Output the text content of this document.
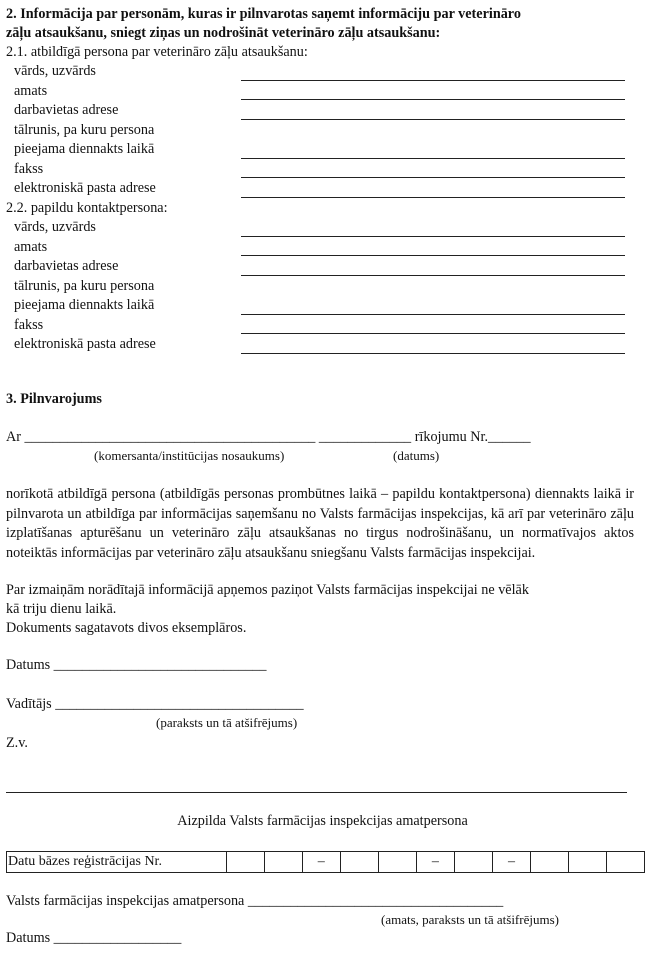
2. Informācija par personām, kuras ir pilnvarotas saņemt informāciju par veterināro
zāļu atsaukšanu, sniegt ziņas un nodrošināt veterināro zāļu atsaukšanu:
2.1. atbildīgā persona par veterināro zāļu atsaukšanu:
vārds, uzvārds
amats
darbavietas adrese
tālrunis, pa kuru persona
pieejama diennakts laikā
fakss
elektroniskā pasta adrese
2.2. papildu kontaktpersona:
vārds, uzvārds
amats
darbavietas adrese
tālrunis, pa kuru persona
pieejama diennakts laikā
fakss
elektroniskā pasta adrese
3. Pilnvarojums
Ar _________________________________________ _____________ rīkojumu Nr.______
(komersanta/institūcijas nosaukums)	(datums)
norīkotā atbildīgā persona (atbildīgās personas prombūtnes laikā – papildu kontaktpersona) diennakts laikā ir pilnvarota un atbildīga par informācijas saņemšanu no Valsts farmācijas inspekcijas, kā arī par veterināro zāļu izplatīšanas apturēšanu un veterināro zāļu atsaukšanas no tirgus nodrošināšanu, un normatīvajos aktos noteiktās informācijas par veterināro zāļu atsaukšanu sniegšanu Valsts farmācijas inspekcijai.
Par izmaiņām norādītajā informācijā apņemos paziņot Valsts farmācijas inspekcijai ne vēlāk
kā triju dienu laikā.
Dokuments sagatavots divos eksemplāros.
Datums ______________________________
Vadītājs ___________________________________
(paraksts un tā atšifrējums)
Z.v.
Aizpilda Valsts farmācijas inspekcijas amatpersona
Datu bāzes reģistrācijas Nr.			–			–		–			
Valsts farmācijas inspekcijas amatpersona ____________________________________
(amats, paraksts un tā atšifrējums)
Datums __________________
